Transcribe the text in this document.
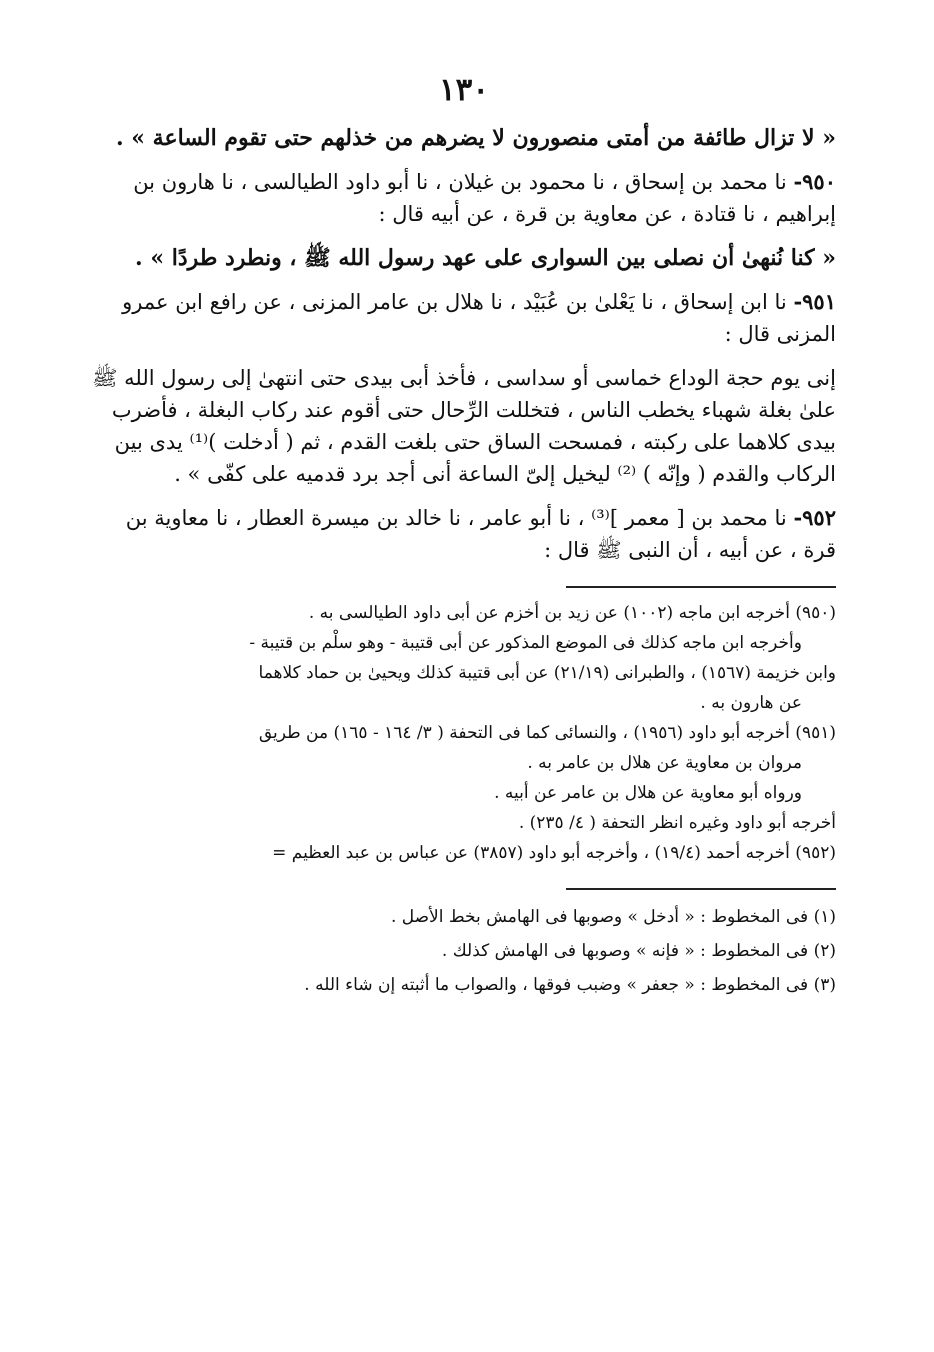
١٣٠

« لا تزال طائفة من أمتى منصورون لا يضرهم من خذلهم حتى تقوم الساعة » .

٩٥٠- نا محمد بن إسحاق ، نا محمود بن غيلان ، نا أبو داود الطيالسى ، نا هارون بن إبراهيم ، نا قتادة ، عن معاوية بن قرة ، عن أبيه قال :

« كنا نُنهىٰ أن نصلى بين السوارى على عهد رسول الله ﷺ ، ونطرد طردًا » .

٩٥١- نا ابن إسحاق ، نا يَعْلىٰ بن عُبَيْد ، نا هلال بن عامر المزنى ، عن رافع ابن عمرو المزنى قال :

إنى يوم حجة الوداع خماسى أو سداسى ، فأخذ أبى بيدى حتى انتهىٰ إلى رسول الله ﷺ علىٰ بغلة شهباء يخطب الناس ، فتخللت الرِّحال حتى أقوم عند ركاب البغلة ، فأضرب بيدى كلاهما على ركبته ، فمسحت الساق حتى بلغت القدم ، ثم ( أدخلت )⁽¹⁾ يدى بين الركاب والقدم ( وإنّه ) ⁽²⁾ ليخيل إلىّ الساعة أنى أجد برد قدميه على كفّى » .

٩٥٢- نا محمد بن [ معمر ]⁽³⁾ ، نا أبو عامر ، نا خالد بن ميسرة العطار ، نا معاوية بن قرة ، عن أبيه ، أن النبى ﷺ قال :

(٩٥٠) أخرجه ابن ماجه (١٠٠٢) عن زيد بن أخزم عن أبى داود الطيالسى به .
وأخرجه ابن ماجه كذلك فى الموضع المذكور عن أبى قتيبة - وهو سلْم بن قتيبة -
وابن خزيمة (١٥٦٧) ، والطبرانى (٢١/١٩) عن أبى قتيبة كذلك ويحيىٰ بن حماد كلاهما
عن هارون به .
(٩٥١) أخرجه أبو داود (١٩٥٦) ، والنسائى كما فى التحفة ( ٣/ ١٦٤ - ١٦٥) من طريق
مروان بن معاوية عن هلال بن عامر به .
ورواه أبو معاوية عن هلال بن عامر عن أبيه .
أخرجه أبو داود وغيره انظر التحفة ( ٤/ ٢٣٥) .
(٩٥٢) أخرجه أحمد (١٩/٤) ، وأخرجه أبو داود (٣٨٥٧) عن عباس بن عبد العظيم =
(١) فى المخطوط : « أدخل » وصوبها فى الهامش بخط الأصل .
(٢) فى المخطوط : « فإنه » وصوبها فى الهامش كذلك .
(٣) فى المخطوط : « جعفر » وضبب فوقها ، والصواب ما أثبته إن شاء الله .
